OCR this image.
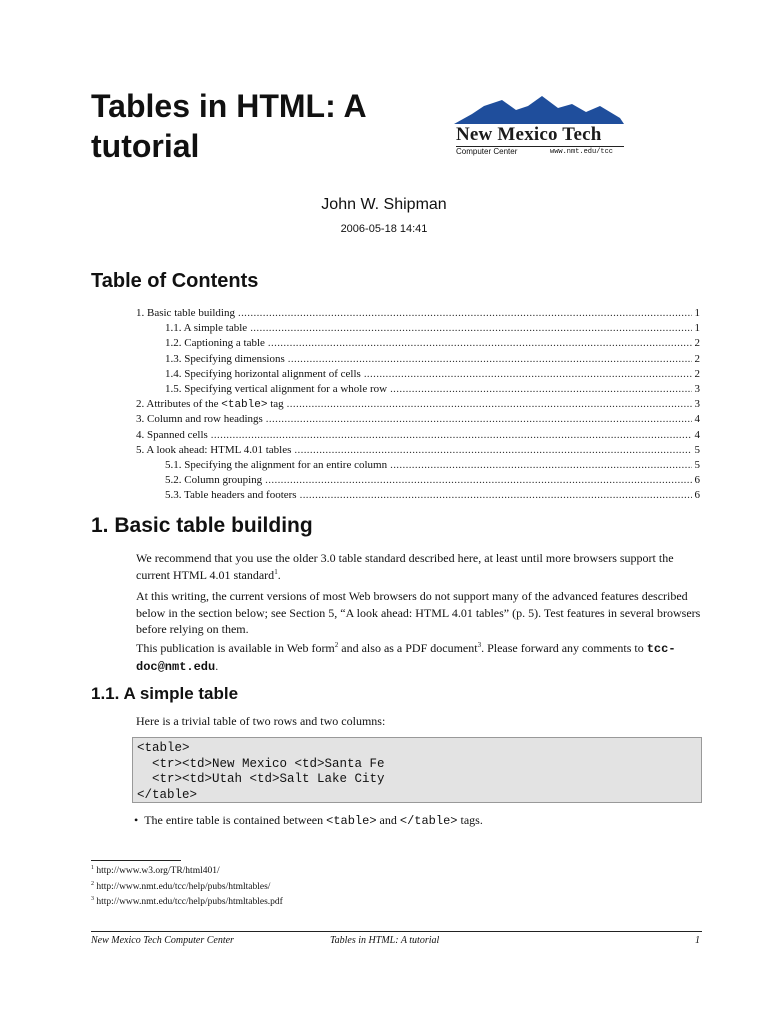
Tables in HTML: A tutorial	New Mexico Tech
Computer Center	www.nmt.edu/tcc
John W. Shipman
2006-05-18 14:41
Table of Contents
1. Basic table building . . .	1
1.1. A simple table . . .	1
1.2. Captioning a table . . .	2
1.3. Specifying dimensions . . .	2
1.4. Specifying horizontal alignment of cells . . .	2
1.5. Specifying vertical alignment for a whole row . . .	3
2. Attributes of the <table> tag . . .	3
3. Column and row headings . . .	4
4. Spanned cells . . .	4
5. A look ahead: HTML 4.01 tables . . .	5
5.1. Specifying the alignment for an entire column . . .	5
5.2. Column grouping . . .	6
5.3. Table headers and footers . . .	6
1. Basic table building

We recommend that you use the older 3.0 table standard described here, at least until more browsers support the current HTML 4.01 standard$^1$.

At this writing, the current versions of most Web browsers do not support many of the advanced features described below in the section below; see Section 5, “A look ahead: HTML 4.01 tables” (p. 5). Test features in several browsers before relying on them.

This publication is available in Web form$^2$ and also as a PDF document$^3$. Please forward any comments to tcc-doc@nmt.edu.

1.1. A simple table

Here is a trivial table of two rows and two columns:

<table>
<tr><td>New Mexico <td>Santa Fe
<tr><td>Utah <td>Salt Lake City
</table>
•  The entire table is contained between <table> and </table> tags.
$^1$ http://www.w3.org/TR/html401/
$^2$ http://www.nmt.edu/tcc/help/pubs/htmltables/
$^3$ http://www.nmt.edu/tcc/help/pubs/htmltables.pdf
New Mexico Tech Computer Center	Tables in HTML: A tutorial	1
